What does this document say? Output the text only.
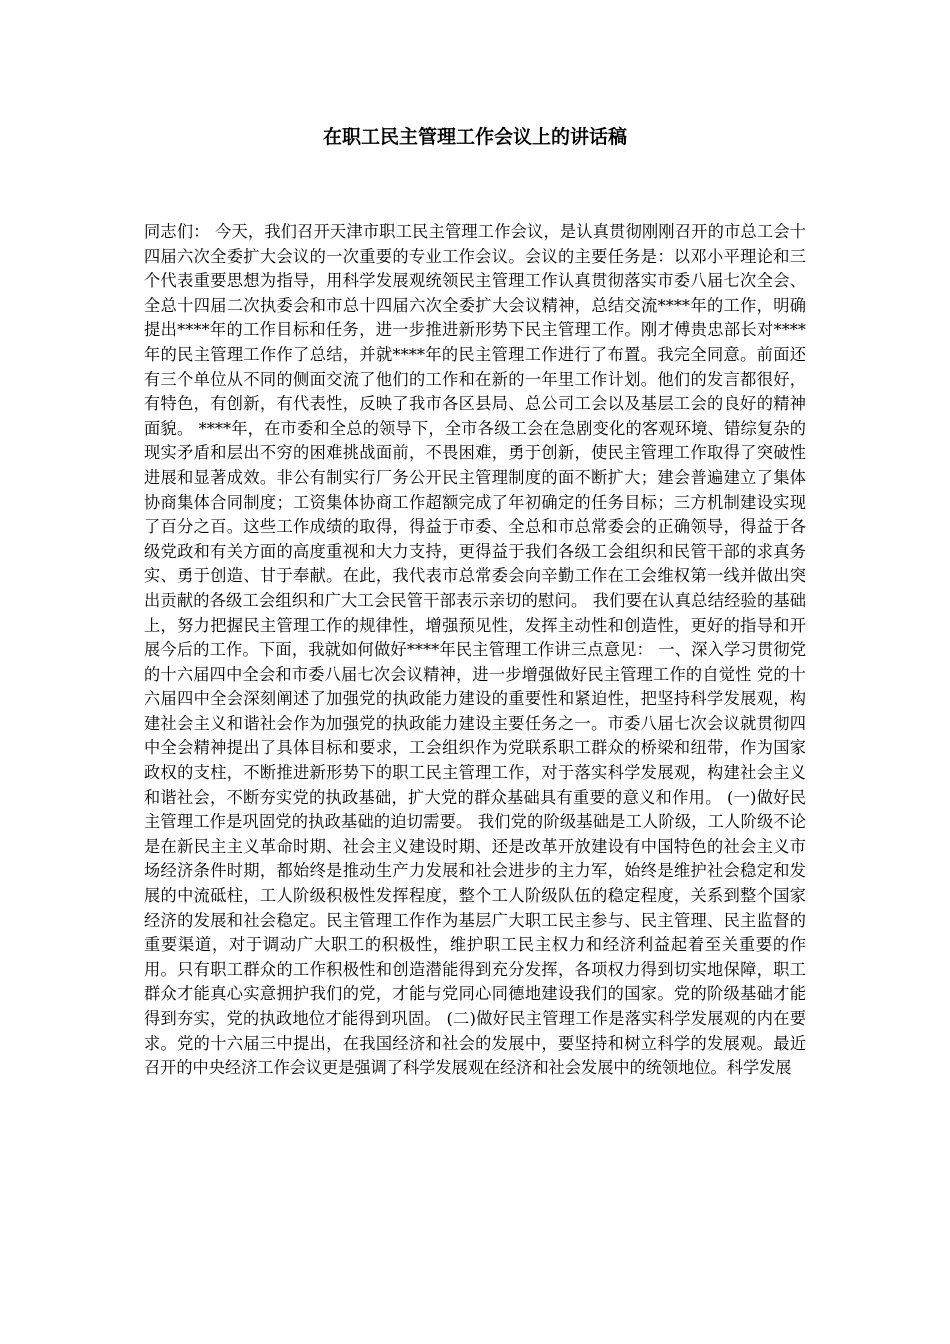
在职工民主管理工作会议上的讲话稿

同志们： 今天，我们召开天津市职工民主管理工作会议，是认真贯彻刚刚召开的市总工会十四届六次全委扩大会议的一次重要的专业工作会议。会议的主要任务是：以邓小平理论和三个代表重要思想为指导，用科学发展观统领民主管理工作认真贯彻落实市委八届七次全会、全总十四届二次执委会和市总十四届六次全委扩大会议精神，总结交流****年的工作，明确提出****年的工作目标和任务，进一步推进新形势下民主管理工作。刚才傅贵忠部长对****年的民主管理工作作了总结，并就****年的民主管理工作进行了布置。我完全同意。前面还有三个单位从不同的侧面交流了他们的工作和在新的一年里工作计划。他们的发言都很好，有特色，有创新，有代表性，反映了我市各区县局、总公司工会以及基层工会的良好的精神面貌。 ****年，在市委和全总的领导下，全市各级工会在急剧变化的客观环境、错综复杂的现实矛盾和层出不穷的困难挑战面前，不畏困难，勇于创新，使民主管理工作取得了突破性进展和显著成效。非公有制实行厂务公开民主管理制度的面不断扩大；建会普遍建立了集体协商集体合同制度；工资集体协商工作超额完成了年初确定的任务目标；三方机制建设实现了百分之百。这些工作成绩的取得，得益于市委、全总和市总常委会的正确领导，得益于各级党政和有关方面的高度重视和大力支持，更得益于我们各级工会组织和民管干部的求真务实、勇于创造、甘于奉献。在此，我代表市总常委会向辛勤工作在工会维权第一线并做出突出贡献的各级工会组织和广大工会民管干部表示亲切的慰问。 我们要在认真总结经验的基础上，努力把握民主管理工作的规律性，增强预见性，发挥主动性和创造性，更好的指导和开展今后的工作。下面，我就如何做好****年民主管理工作讲三点意见： 一、深入学习贯彻党的十六届四中全会和市委八届七次会议精神，进一步增强做好民主管理工作的自觉性 党的十六届四中全会深刻阐述了加强党的执政能力建设的重要性和紧迫性，把坚持科学发展观，构建社会主义和谐社会作为加强党的执政能力建设主要任务之一。市委八届七次会议就贯彻四中全会精神提出了具体目标和要求，工会组织作为党联系职工群众的桥梁和纽带，作为国家政权的支柱，不断推进新形势下的职工民主管理工作，对于落实科学发展观，构建社会主义和谐社会，不断夯实党的执政基础，扩大党的群众基础具有重要的意义和作用。 (一)做好民主管理工作是巩固党的执政基础的迫切需要。 我们党的阶级基础是工人阶级，工人阶级不论是在新民主主义革命时期、社会主义建设时期、还是改革开放建设有中国特色的社会主义市场经济条件时期，都始终是推动生产力发展和社会进步的主力军，始终是维护社会稳定和发展的中流砥柱，工人阶级积极性发挥程度，整个工人阶级队伍的稳定程度，关系到整个国家经济的发展和社会稳定。民主管理工作作为基层广大职工民主参与、民主管理、民主监督的重要渠道，对于调动广大职工的积极性，维护职工民主权力和经济利益起着至关重要的作用。只有职工群众的工作积极性和创造潜能得到充分发挥，各项权力得到切实地保障，职工群众才能真心实意拥护我们的党，才能与党同心同德地建设我们的国家。党的阶级基础才能得到夯实，党的执政地位才能得到巩固。 (二)做好民主管理工作是落实科学发展观的内在要求。党的十六届三中提出，在我国经济和社会的发展中，要坚持和树立科学的发展观。最近召开的中央经济工作会议更是强调了科学发展观在经济和社会发展中的统领地位。科学发展
